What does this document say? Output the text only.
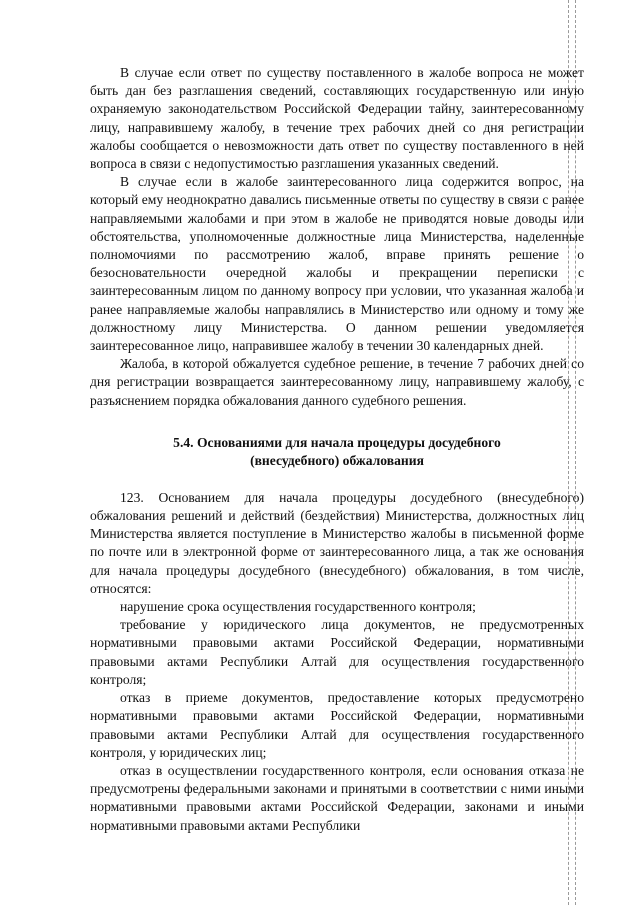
В случае если ответ по существу поставленного в жалобе вопроса не может быть дан без разглашения сведений, составляющих государственную или иную охраняемую законодательством Российской Федерации тайну, заинтересованному лицу, направившему жалобу, в течение трех рабочих дней со дня регистрации жалобы сообщается о невозможности дать ответ по существу поставленного в ней вопроса в связи с недопустимостью разглашения указанных сведений.

В случае если в жалобе заинтересованного лица содержится вопрос, на который ему неоднократно давались письменные ответы по существу в связи с ранее направляемыми жалобами и при этом в жалобе не приводятся новые доводы или обстоятельства, уполномоченные должностные лица Министерства, наделенные полномочиями по рассмотрению жалоб, вправе принять решение о безосновательности очередной жалобы и прекращении переписки с заинтересованным лицом по данному вопросу при условии, что указанная жалоба и ранее направляемые жалобы направлялись в Министерство или одному и тому же должностному лицу Министерства. О данном решении уведомляется заинтересованное лицо, направившее жалобу в течении 30 календарных дней.

Жалоба, в которой обжалуется судебное решение, в течение 7 рабочих дней со дня регистрации возвращается заинтересованному лицу, направившему жалобу, с разъяснением порядка обжалования данного судебного решения.

5.4. Основаниями для начала процедуры досудебного
(внесудебного) обжалования

123. Основанием для начала процедуры досудебного (внесудебного) обжалования решений и действий (бездействия) Министерства, должностных лиц Министерства является поступление в Министерство жалобы в письменной форме по почте или в электронной форме от заинтересованного лица, а так же основания для начала процедуры досудебного (внесудебного) обжалования, в том числе, относятся:

нарушение срока осуществления государственного контроля;

требование у юридического лица документов, не предусмотренных нормативными правовыми актами Российской Федерации, нормативными правовыми актами Республики Алтай для осуществления государственного контроля;

отказ в приеме документов, предоставление которых предусмотрено нормативными правовыми актами Российской Федерации, нормативными правовыми актами Республики Алтай для осуществления государственного контроля, у юридических лиц;

отказ в осуществлении государственного контроля, если основания отказа не предусмотрены федеральными законами и принятыми в соответствии с ними иными нормативными правовыми актами Российской Федерации, законами и иными нормативными правовыми актами Республики
